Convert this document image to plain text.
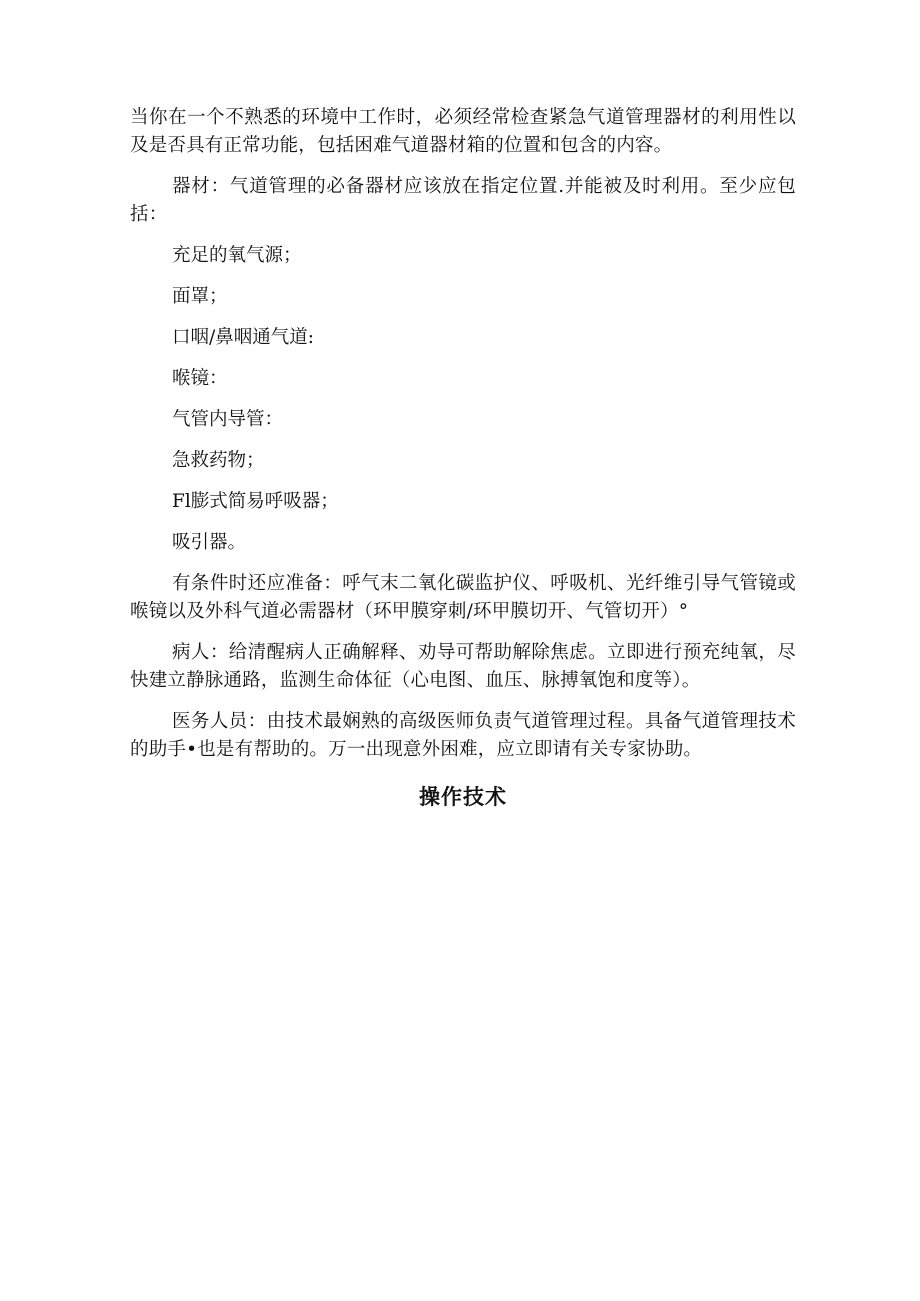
当你在一个不熟悉的环境中工作时，必须经常检查紧急气道管理器材的利用性以及是否具有正常功能，包括困难气道器材箱的位置和包含的内容。

器材：气道管理的必备器材应该放在指定位置.并能被及时利用。至少应包括：

充足的氧气源；
面罩；
口咽/鼻咽通气道:
喉镜：
气管内导管：
急救药物；
Fl膨式简易呼吸器；
吸引器。

有条件时还应准备：呼气末二氧化碳监护仪、呼吸机、光纤维引导气管镜或喉镜以及外科气道必需器材（环甲膜穿刺/环甲膜切开、气管切开）°

病人：给清醒病人正确解释、劝导可帮助解除焦虑。立即进行预充纯氧，尽快建立静脉通路，监测生命体征（心电图、血压、脉搏氧饱和度等）。

医务人员：由技术最娴熟的高级医师负责气道管理过程。具备气道管理技术的助手•也是有帮助的。万一出现意外困难，应立即请有关专家协助。

操作技术
